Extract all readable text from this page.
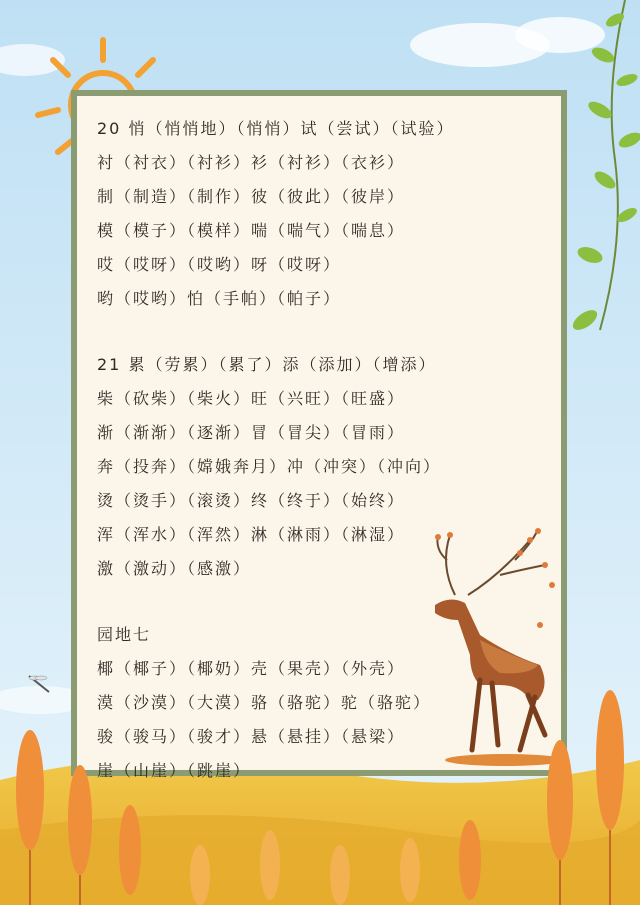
20 悄（悄悄地）（悄悄）试（尝试）（试验）
衬（衬衣）（衬衫）衫（衬衫）（衣衫）
制（制造）（制作）彼（彼此）（彼岸）
模（模子）（模样）喘（喘气）（喘息）
哎（哎呀）（哎哟）呀（哎呀）
哟（哎哟）怕（手帕）（帕子）
21 累（劳累）（累了）添（添加）（增添）
柴（砍柴）（柴火）旺（兴旺）（旺盛）
渐（渐渐）（逐渐）冒（冒尖）（冒雨）
奔（投奔）（嫦娥奔月）冲（冲突）（冲向）
烫（烫手）（滚烫）终（终于）（始终）
浑（浑水）（浑然）淋（淋雨）（淋湿）
激（激动）（感激）
园地七
椰（椰子）（椰奶）壳（果壳）（外壳）
漠（沙漠）（大漠）骆（骆驼）驼（骆驼）
骏（骏马）（骏才）悬（悬挂）（悬梁）
崖（山崖）（跳崖）
